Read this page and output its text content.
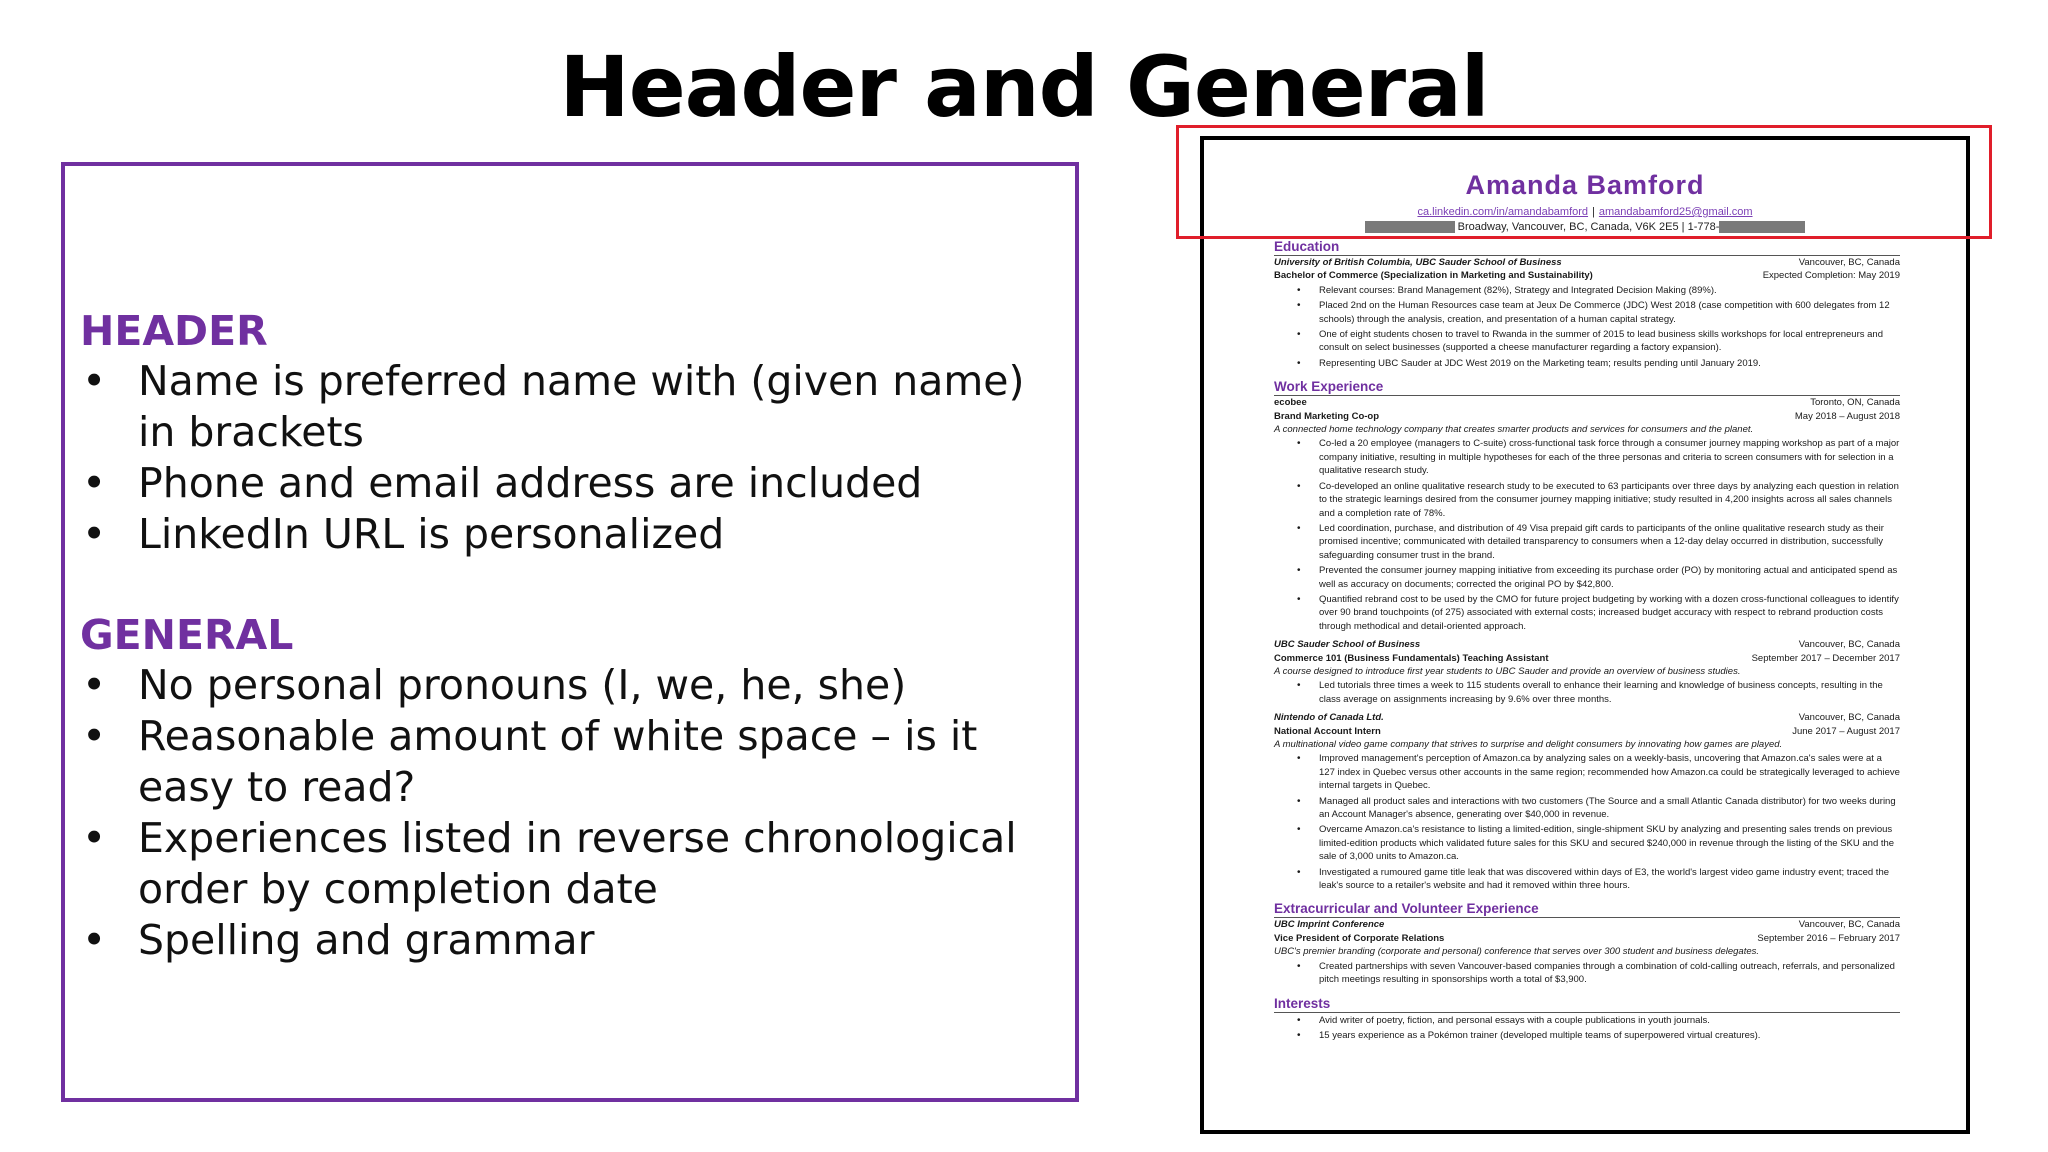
Header and General
HEADER
• Name is preferred name with (given name) in brackets
• Phone and email address are included
• LinkedIn URL is personalized
GENERAL
• No personal pronouns (I, we, he, she)
• Reasonable amount of white space – is it easy to read?
• Experiences listed in reverse chronological order by completion date
• Spelling and grammar
Amanda Bamford
ca.linkedin.com/in/amandabamford | amandabamford25@gmail.com
Broadway, Vancouver, BC, Canada, V6K 2E5 | 1-778-
Education
University of British Columbia, UBC Sauder School of Business	Vancouver, BC, Canada
Bachelor of Commerce (Specialization in Marketing and Sustainability)	Expected Completion: May 2019
• Relevant courses: Brand Management (82%), Strategy and Integrated Decision Making (89%).
• Placed 2nd on the Human Resources case team at Jeux De Commerce (JDC) West 2018 (case competition with 600 delegates from 12 schools) through the analysis, creation, and presentation of a human capital strategy.
• One of eight students chosen to travel to Rwanda in the summer of 2015 to lead business skills workshops for local entrepreneurs and consult on select businesses (supported a cheese manufacturer regarding a factory expansion).
• Representing UBC Sauder at JDC West 2019 on the Marketing team; results pending until January 2019.
Work Experience
ecobee	Toronto, ON, Canada
Brand Marketing Co-op	May 2018 – August 2018
A connected home technology company that creates smarter products and services for consumers and the planet.
• Co-led a 20 employee (managers to C-suite) cross-functional task force through a consumer journey mapping workshop as part of a major company initiative, resulting in multiple hypotheses for each of the three personas and criteria to screen consumers with for selection in a qualitative research study.
• Co-developed an online qualitative research study to be executed to 63 participants over three days by analyzing each question in relation to the strategic learnings desired from the consumer journey mapping initiative; study resulted in 4,200 insights across all sales channels and a completion rate of 78%.
• Led coordination, purchase, and distribution of 49 Visa prepaid gift cards to participants of the online qualitative research study as their promised incentive; communicated with detailed transparency to consumers when a 12-day delay occurred in distribution, successfully safeguarding consumer trust in the brand.
• Prevented the consumer journey mapping initiative from exceeding its purchase order (PO) by monitoring actual and anticipated spend as well as accuracy on documents; corrected the original PO by $42,800.
• Quantified rebrand cost to be used by the CMO for future project budgeting by working with a dozen cross-functional colleagues to identify over 90 brand touchpoints (of 275) associated with external costs; increased budget accuracy with respect to rebrand production costs through methodical and detail-oriented approach.
UBC Sauder School of Business	Vancouver, BC, Canada
Commerce 101 (Business Fundamentals) Teaching Assistant	September 2017 – December 2017
A course designed to introduce first year students to UBC Sauder and provide an overview of business studies.
• Led tutorials three times a week to 115 students overall to enhance their learning and knowledge of business concepts, resulting in the class average on assignments increasing by 9.6% over three months.
Nintendo of Canada Ltd.	Vancouver, BC, Canada
National Account Intern	June 2017 – August 2017
A multinational video game company that strives to surprise and delight consumers by innovating how games are played.
• Improved management's perception of Amazon.ca by analyzing sales on a weekly-basis, uncovering that Amazon.ca's sales were at a 127 index in Quebec versus other accounts in the same region; recommended how Amazon.ca could be strategically leveraged to achieve internal targets in Quebec.
• Managed all product sales and interactions with two customers (The Source and a small Atlantic Canada distributor) for two weeks during an Account Manager's absence, generating over $40,000 in revenue.
• Overcame Amazon.ca's resistance to listing a limited-edition, single-shipment SKU by analyzing and presenting sales trends on previous limited-edition products which validated future sales for this SKU and secured $240,000 in revenue through the listing of the SKU and the sale of 3,000 units to Amazon.ca.
• Investigated a rumoured game title leak that was discovered within days of E3, the world's largest video game industry event; traced the leak's source to a retailer's website and had it removed within three hours.
Extracurricular and Volunteer Experience
UBC Imprint Conference	Vancouver, BC, Canada
Vice President of Corporate Relations	September 2016 – February 2017
UBC's premier branding (corporate and personal) conference that serves over 300 student and business delegates.
• Created partnerships with seven Vancouver-based companies through a combination of cold-calling outreach, referrals, and personalized pitch meetings resulting in sponsorships worth a total of $3,900.
Interests
• Avid writer of poetry, fiction, and personal essays with a couple publications in youth journals.
• 15 years experience as a Pokémon trainer (developed multiple teams of superpowered virtual creatures).
